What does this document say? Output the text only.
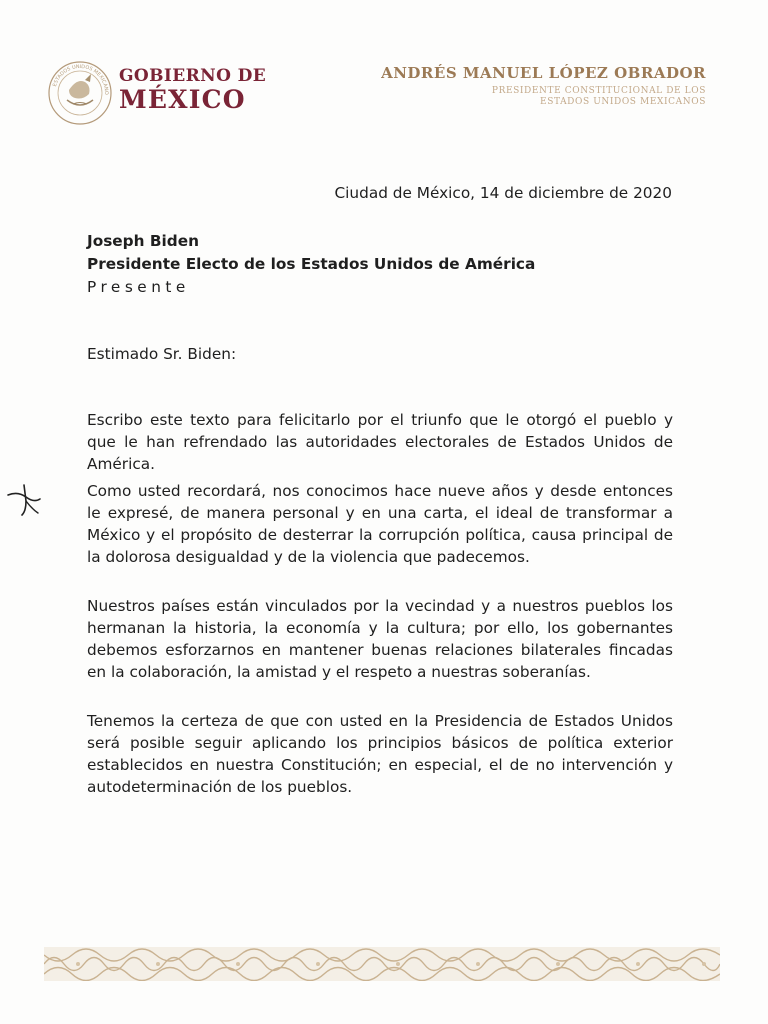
ESTADOS UNIDOS MEXICANO
GOBIERNO DE
MÉXICO
ANDRÉS MANUEL LÓPEZ OBRADOR
PRESIDENTE CONSTITUCIONAL DE LOS ESTADOS UNIDOS MEXICANOS
Ciudad de México, 14 de diciembre de 2020
Joseph Biden
Presidente Electo de los Estados Unidos de América
Presente
Estimado Sr. Biden:
Escribo este texto para felicitarlo por el triunfo que le otorgó el pueblo y que le han refrendado las autoridades electorales de Estados Unidos de América.
Como usted recordará, nos conocimos hace nueve años y desde entonces le expresé, de manera personal y en una carta, el ideal de transformar a México y el propósito de desterrar la corrupción política, causa principal de la dolorosa desigualdad y de la violencia que padecemos.
Nuestros países están vinculados por la vecindad y a nuestros pueblos los hermanan la historia, la economía y la cultura; por ello, los gobernantes debemos esforzarnos en mantener buenas relaciones bilaterales fincadas en la colaboración, la amistad y el respeto a nuestras soberanías.
Tenemos la certeza de que con usted en la Presidencia de Estados Unidos será posible seguir aplicando los principios básicos de política exterior establecidos en nuestra Constitución; en especial, el de no intervención y autodeterminación de los pueblos.
